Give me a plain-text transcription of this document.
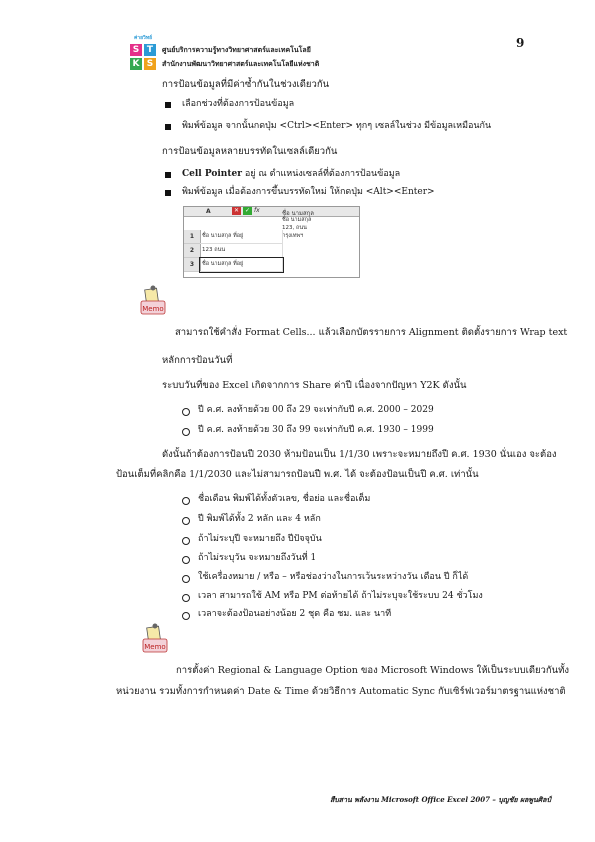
9
ค่ายวิทย์
S T
K S
ศูนย์บริการความรู้ทางวิทยาศาสตร์และเทคโนโลยี
สำนักงานพัฒนาวิทยาศาสตร์และเทคโนโลยีแห่งชาติ
การป้อนข้อมูลที่มีค่าซ้ำกันในช่วงเดียวกัน
เลือกช่วงที่ต้องการป้อนข้อมูล
พิมพ์ข้อมูล จากนั้นกดปุ่ม <Ctrl><Enter> ทุกๆ เซลล์ในช่วง มีข้อมูลเหมือนกัน
การป้อนข้อมูลหลายบรรทัดในเซลล์เดียวกัน
Cell Pointer อยู่ ณ ตำแหน่งเซลล์ที่ต้องการป้อนข้อมูล
พิมพ์ข้อมูล เมื่อต้องการขึ้นบรรทัดใหม่ ให้กดปุ่ม <Alt><Enter>
A	✕ ✓ fx	ชื่อ นามสกุล
ชื่อ นามสกุล
123, ถนน
กรุงเทพฯ
1	ชื่อ นามสกุล ที่อยู่
2	123 ถนน
3	ชื่อ นามสกุล ที่อยู่
Memo
สามารถใช้คำสั่ง Format Cells... แล้วเลือกบัตรรายการ Alignment ติดตั้งรายการ Wrap text
หลักการป้อนวันที่
ระบบวันที่ของ Excel เกิดจากการ Share ค่าปี เนื่องจากปัญหา Y2K ดังนั้น
ปี ค.ศ. ลงท้ายด้วย 00 ถึง 29 จะเท่ากับปี ค.ศ. 2000 – 2029
ปี ค.ศ. ลงท้ายด้วย 30 ถึง 99 จะเท่ากับปี ค.ศ. 1930 – 1999
ดังนั้นถ้าต้องการป้อนปี 2030 ห้ามป้อนเป็น 1/1/30 เพราะจะหมายถึงปี ค.ศ. 1930 นั่นเอง จะต้อง
ป้อนเต็มที่คลิกคือ 1/1/2030 และไม่สามารถป้อนปี พ.ศ. ได้ จะต้องป้อนเป็นปี ค.ศ. เท่านั้น
ชื่อเดือน พิมพ์ได้ทั้งตัวเลข, ชื่อย่อ และชื่อเต็ม
ปี พิมพ์ได้ทั้ง 2 หลัก และ 4 หลัก
ถ้าไม่ระบุปี จะหมายถึง ปีปัจจุบัน
ถ้าไม่ระบุวัน จะหมายถึงวันที่ 1
ใช้เครื่องหมาย / หรือ – หรือช่องว่างในการเว้นระหว่างวัน เดือน ปี ก็ได้
เวลา สามารถใช้ AM หรือ PM ต่อท้ายได้ ถ้าไม่ระบุจะใช้ระบบ 24 ชั่วโมง
เวลาจะต้องป้อนอย่างน้อย 2 ชุด คือ ชม. และ นาที
Memo
การตั้งค่า Regional & Language Option ของ Microsoft Windows ให้เป็นระบบเดียวกันทั้ง
หน่วยงาน รวมทั้งการกำหนดค่า Date & Time ด้วยวิธีการ Automatic Sync กับเซิร์ฟเวอร์มาตรฐานแห่งชาติ
สืบสาน พลังงาน Microsoft Office Excel 2007 – บุญชัย ผลพูนศิลป์
